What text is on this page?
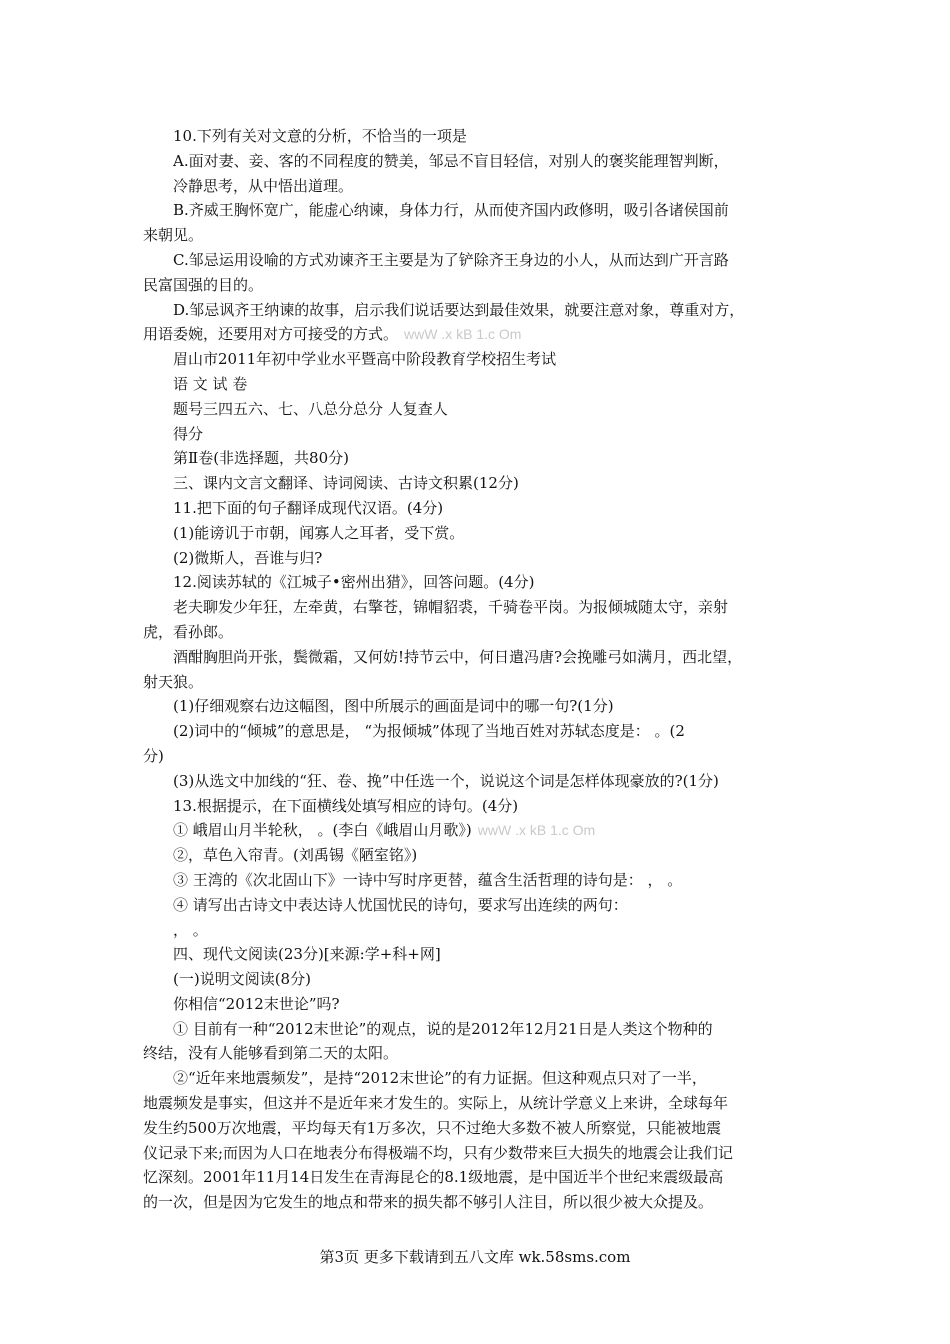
10.下列有关对文意的分析，不恰当的一项是
A.面对妻、妾、客的不同程度的赞美，邹忌不盲目轻信，对别人的褒奖能理智判断，
冷静思考，从中悟出道理。
B.齐威王胸怀宽广，能虚心纳谏，身体力行，从而使齐国内政修明，吸引各诸侯国前
来朝见。
C.邹忌运用设喻的方式劝谏齐王主要是为了铲除齐王身边的小人，从而达到广开言路
民富国强的目的。
D.邹忌讽齐王纳谏的故事，启示我们说话要达到最佳效果，就要注意对象，尊重对方，
用语委婉，还要用对方可接受的方式。 wwW .x kB 1.c Om
眉山市2011年初中学业水平暨高中阶段教育学校招生考试
语 文 试 卷
题号三四五六、七、八总分总分 人复查人
得分
第Ⅱ卷(非选择题，共80分)
三、课内文言文翻译、诗词阅读、古诗文积累(12分)
11.把下面的句子翻译成现代汉语。(4分)
(1)能谤讥于市朝，闻寡人之耳者，受下赏。
(2)微斯人，吾谁与归?
12.阅读苏轼的《江城子•密州出猎》，回答问题。(4分)
老夫聊发少年狂，左牵黄，右擎苍，锦帽貂裘，千骑卷平岗。为报倾城随太守，亲射
虎，看孙郎。
酒酣胸胆尚开张，鬓微霜，又何妨!持节云中，何日遣冯唐?会挽雕弓如满月，西北望，
射天狼。
(1)仔细观察右边这幅图，图中所展示的画面是词中的哪一句?(1分)
(2)词中的“倾城”的意思是， “为报倾城”体现了当地百姓对苏轼态度是： 。(2
分)
(3)从选文中加线的“狂、卷、挽”中任选一个，说说这个词是怎样体现豪放的?(1分)
13.根据提示，在下面横线处填写相应的诗句。(4分)
① 峨眉山月半轮秋， 。(李白《峨眉山月歌》) wwW .x kB 1.c Om
②，草色入帘青。(刘禹锡《陋室铭》)
③ 王湾的《次北固山下》一诗中写时序更替，蕴含生活哲理的诗句是： ， 。
④ 请写出古诗文中表达诗人忧国忧民的诗句，要求写出连续的两句：
， 。
四、现代文阅读(23分)[来源:学+科+网]
(一)说明文阅读(8分)
你相信“2012末世论”吗?
① 目前有一种“2012末世论”的观点，说的是2012年12月21日是人类这个物种的
终结，没有人能够看到第二天的太阳。
②“近年来地震频发”，是持“2012末世论”的有力证据。但这种观点只对了一半，
地震频发是事实，但这并不是近年来才发生的。实际上，从统计学意义上来讲，全球每年
发生约500万次地震，平均每天有1万多次，只不过绝大多数不被人所察觉，只能被地震
仪记录下来;而因为人口在地表分布得极端不均，只有少数带来巨大损失的地震会让我们记
忆深刻。2001年11月14日发生在青海昆仑的8.1级地震，是中国近半个世纪来震级最高
的一次，但是因为它发生的地点和带来的损失都不够引人注目，所以很少被大众提及。
第3页 更多下载请到五八文库 wk.58sms.com
